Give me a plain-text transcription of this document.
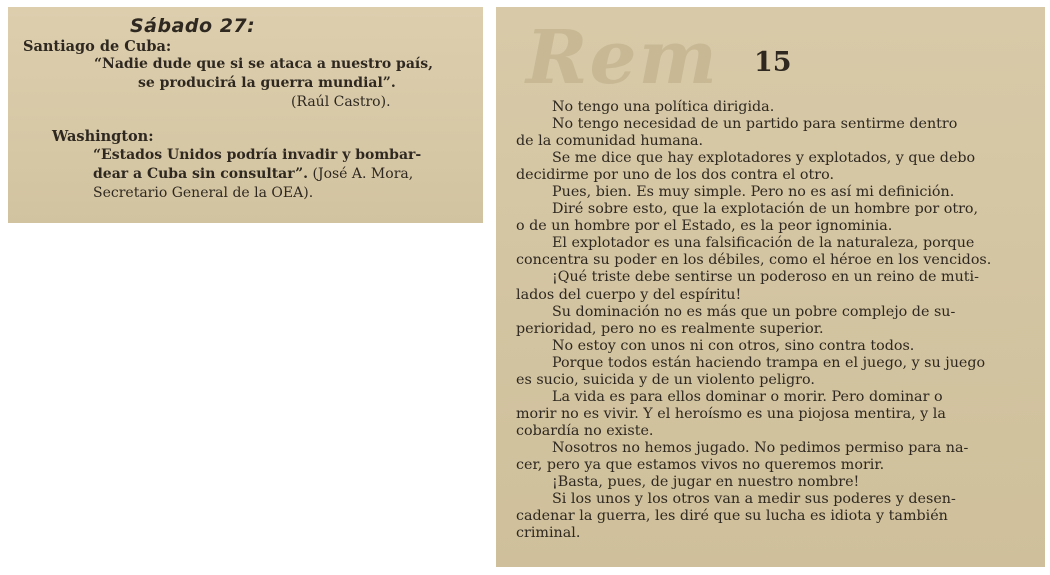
Sábado 27:
Santiago de Cuba:
“Nadie dude que si se ataca a nuestro país,
se producirá la guerra mundial”.
(Raúl Castro).
Washington:
“Estados Unidos podría invadir y bombar-
dear a Cuba sin consultar”. (José A. Mora,
Secretario General de la OEA).
Rem 15
No tengo una política dirigida.
No tengo necesidad de un partido para sentirme dentro
de la comunidad humana.
Se me dice que hay explotadores y explotados, y que debo
decidirme por uno de los dos contra el otro.
Pues, bien. Es muy simple. Pero no es así mi definición.
Diré sobre esto, que la explotación de un hombre por otro,
o de un hombre por el Estado, es la peor ignominia.
El explotador es una falsificación de la naturaleza, porque
concentra su poder en los débiles, como el héroe en los vencidos.
¡Qué triste debe sentirse un poderoso en un reino de muti-
lados del cuerpo y del espíritu!
Su dominación no es más que un pobre complejo de su-
perioridad, pero no es realmente superior.
No estoy con unos ni con otros, sino contra todos.
Porque todos están haciendo trampa en el juego, y su juego
es sucio, suicida y de un violento peligro.
La vida es para ellos dominar o morir. Pero dominar o
morir no es vivir. Y el heroísmo es una piojosa mentira, y la
cobardía no existe.
Nosotros no hemos jugado. No pedimos permiso para na-
cer, pero ya que estamos vivos no queremos morir.
¡Basta, pues, de jugar en nuestro nombre!
Si los unos y los otros van a medir sus poderes y desen-
cadenar la guerra, les diré que su lucha es idiota y también
criminal.
